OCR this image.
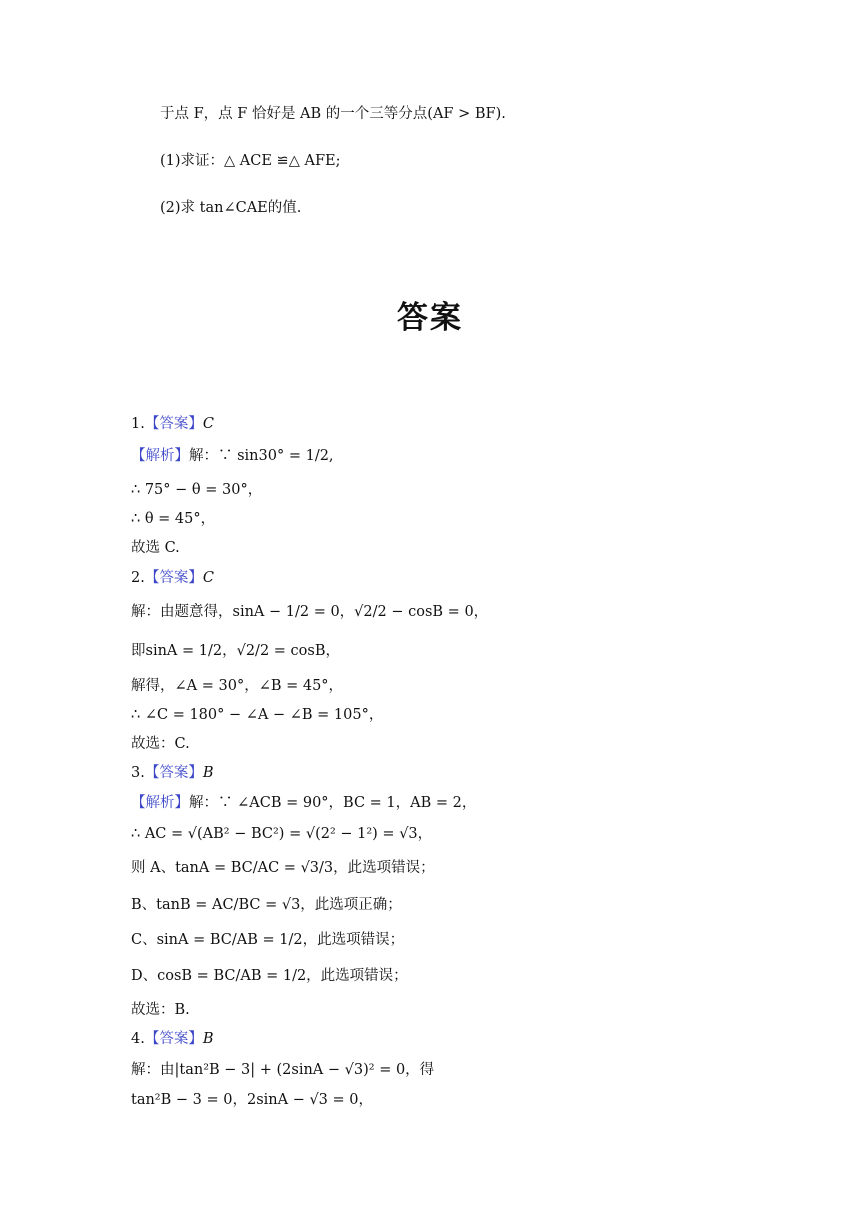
于点 F，点 F 恰好是 AB 的一个三等分点(AF > BF).
(1)求证：△ ACE ≌△ AFE;
(2)求 tan∠CAE的值.
答案
1.【答案】C
【解析】解：∵ sin30° = 1/2,
∴ 75° − θ = 30°，
∴ θ = 45°，
故选 C.
2.【答案】C
解：由题意得，sinA − 1/2 = 0，√2/2 − cosB = 0，
即sinA = 1/2，√2/2 = cosB，
解得，∠A = 30°，∠B = 45°，
∴ ∠C = 180° − ∠A − ∠B = 105°，
故选：C.
3.【答案】B
【解析】解：∵ ∠ACB = 90°，BC = 1，AB = 2，
∴ AC = √(AB² − BC²) = √(2² − 1²) = √3，
则 A、tanA = BC/AC = √3/3，此选项错误；
B、tanB = AC/BC = √3，此选项正确；
C、sinA = BC/AB = 1/2，此选项错误；
D、cosB = BC/AB = 1/2，此选项错误；
故选：B.
4.【答案】B
解：由|tan²B − 3| + (2sinA − √3)² = 0，得
tan²B − 3 = 0，2sinA − √3 = 0，
